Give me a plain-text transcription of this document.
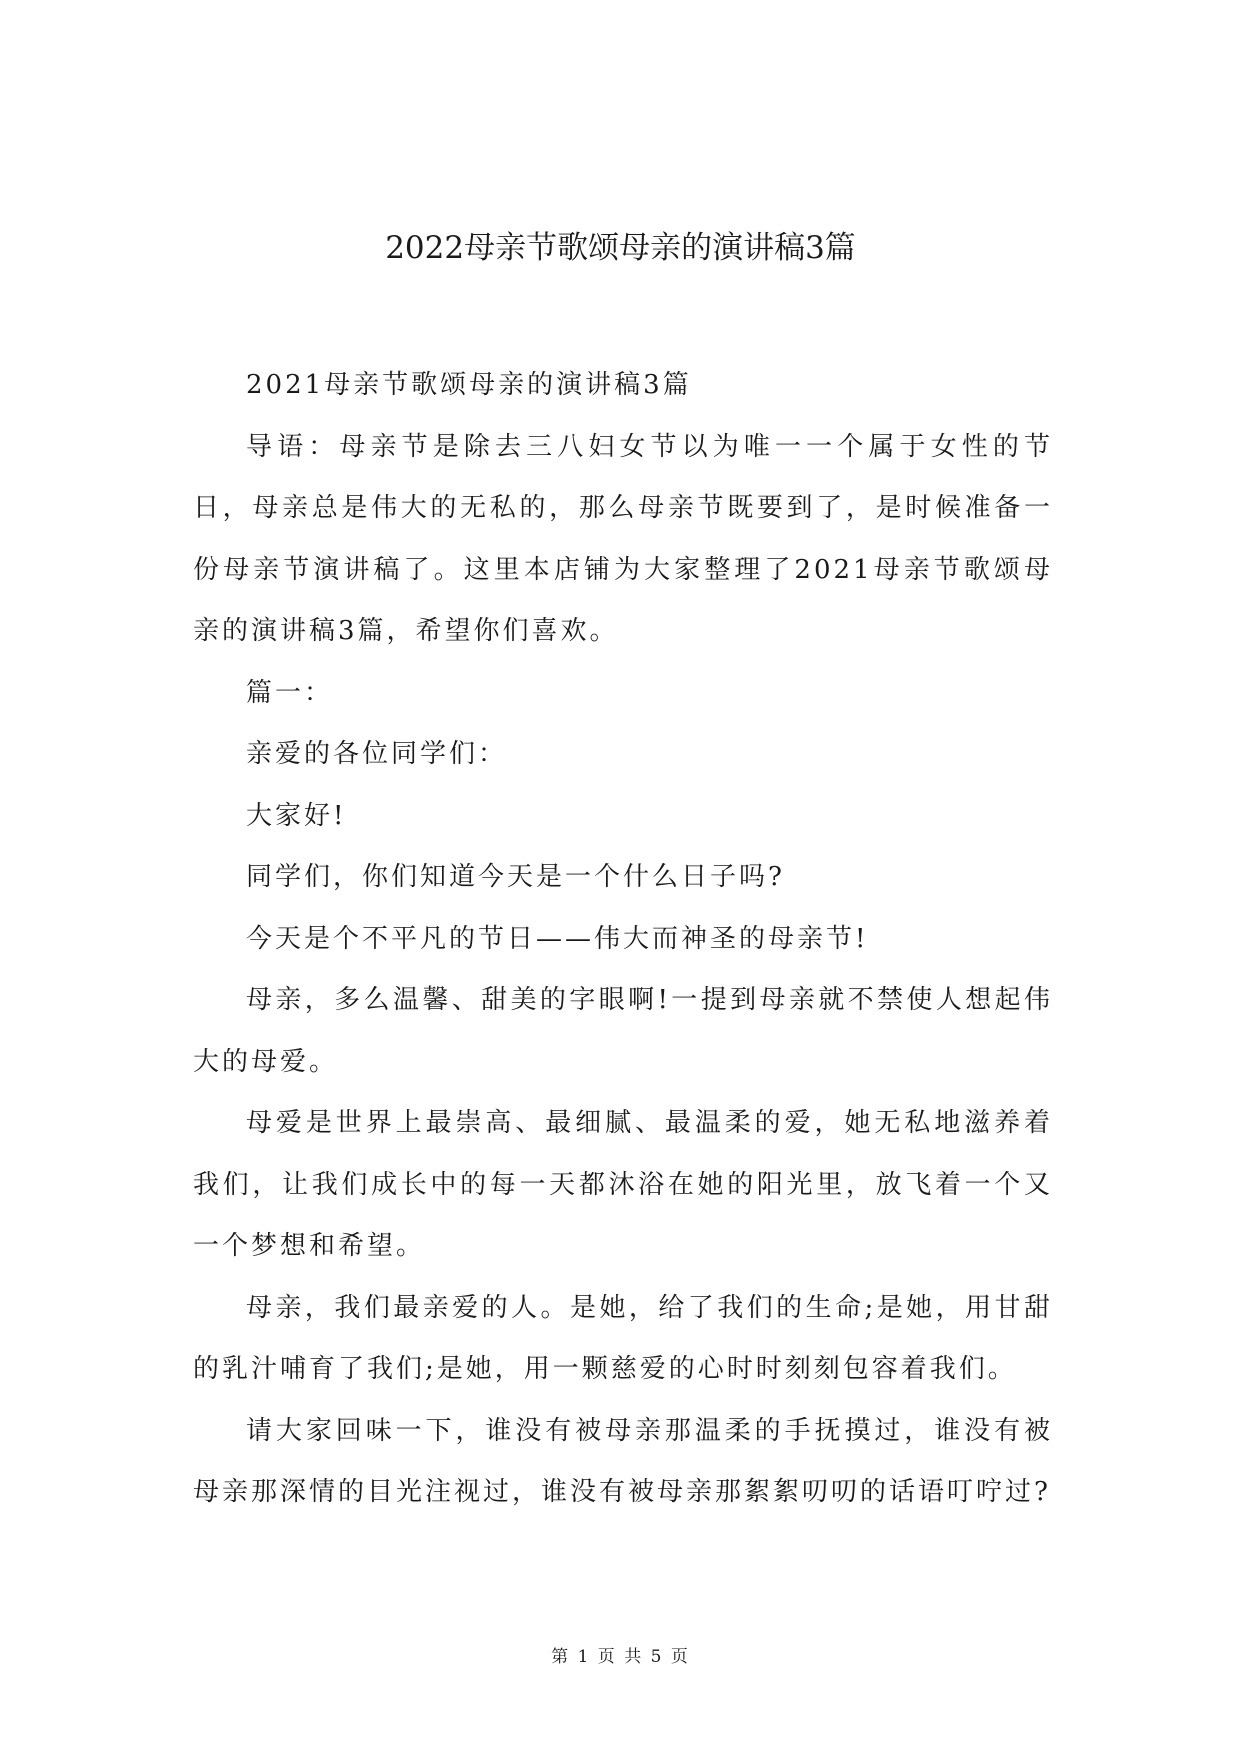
2022母亲节歌颂母亲的演讲稿3篇

2021母亲节歌颂母亲的演讲稿3篇

导语：母亲节是除去三八妇女节以为唯一一个属于女性的节日，母亲总是伟大的无私的，那么母亲节既要到了，是时候准备一份母亲节演讲稿了。这里本店铺为大家整理了2021母亲节歌颂母亲的演讲稿3篇，希望你们喜欢。

篇一：

亲爱的各位同学们：

大家好!

同学们，你们知道今天是一个什么日子吗?

今天是个不平凡的节日——伟大而神圣的母亲节!

母亲，多么温馨、甜美的字眼啊!一提到母亲就不禁使人想起伟大的母爱。

母爱是世界上最崇高、最细腻、最温柔的爱，她无私地滋养着我们，让我们成长中的每一天都沐浴在她的阳光里，放飞着一个又一个梦想和希望。

母亲，我们最亲爱的人。是她，给了我们的生命;是她，用甘甜的乳汁哺育了我们;是她，用一颗慈爱的心时时刻刻包容着我们。

请大家回味一下，谁没有被母亲那温柔的手抚摸过，谁没有被母亲那深情的目光注视过，谁没有被母亲那絮絮叨叨的话语叮咛过?

第 1 页 共 5 页
